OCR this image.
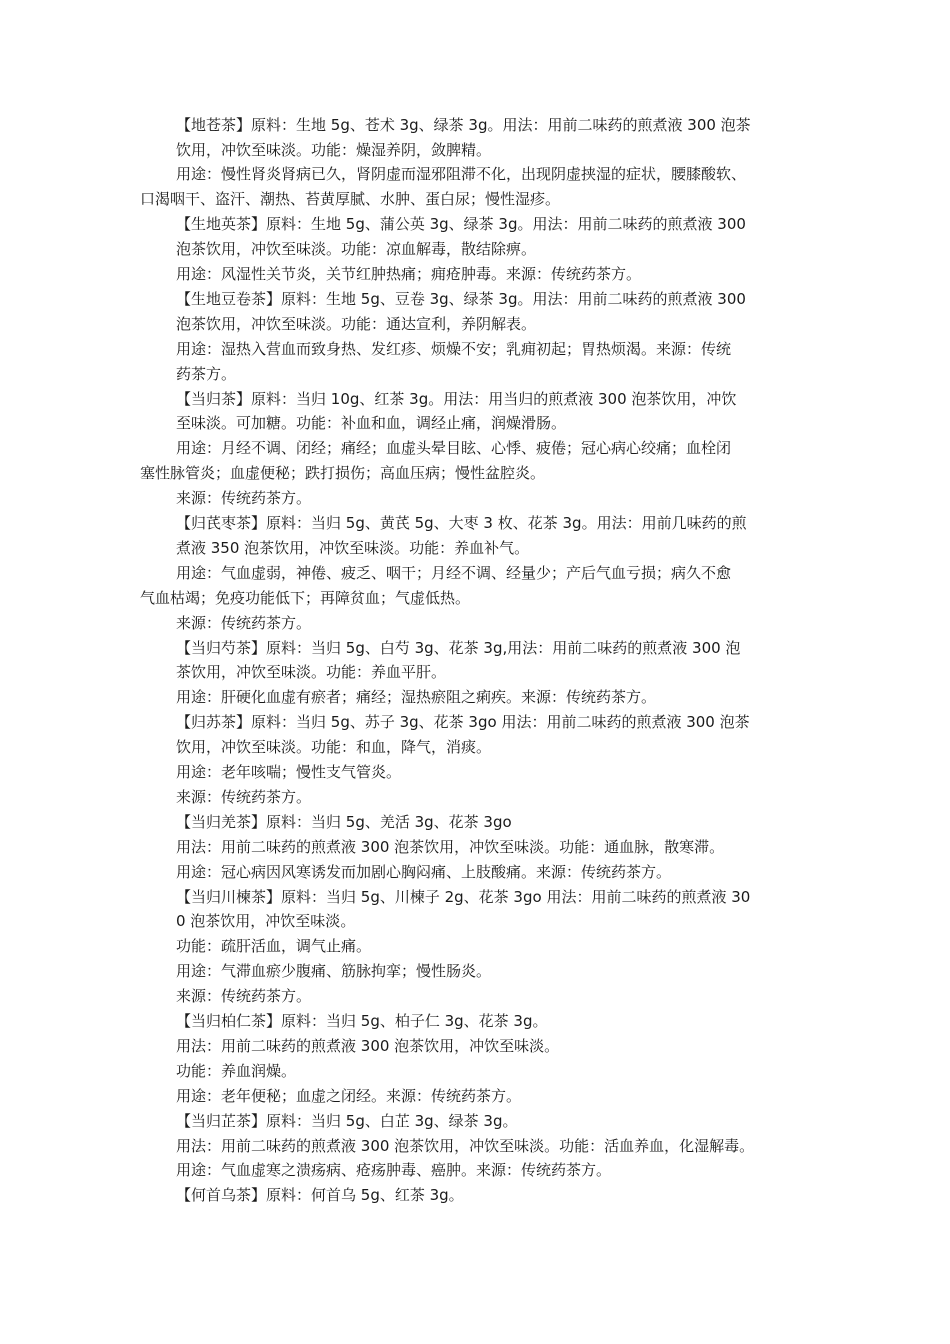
【地苍茶】原料：生地 5g、苍术 3g、绿茶 3g。用法：用前二味药的煎煮液 300 泡茶
饮用，冲饮至味淡。功能：燥湿养阴，敛脾精。
用途：慢性肾炎肾病已久，肾阴虚而湿邪阻滞不化，出现阴虚挟湿的症状，腰膝酸软、
口渴咽干、盗汗、潮热、苔黄厚腻、水肿、蛋白尿；慢性湿疹。
【生地英茶】原料：生地 5g、蒲公英 3g、绿茶 3g。用法：用前二味药的煎煮液 300
泡茶饮用，冲饮至味淡。功能：凉血解毒，散结除痹。
用途：风湿性关节炎，关节红肿热痛；痈疮肿毒。来源：传统药茶方。
【生地豆卷茶】原料：生地 5g、豆卷 3g、绿茶 3g。用法：用前二味药的煎煮液 300
泡茶饮用，冲饮至味淡。功能：通达宣利，养阴解表。
用途：湿热入营血而致身热、发红疹、烦燥不安；乳痈初起；胃热烦渴。来源：传统
药茶方。
【当归茶】原料：当归 10g、红茶 3g。用法：用当归的煎煮液 300 泡茶饮用，冲饮
至味淡。可加糖。功能：补血和血，调经止痛，润燥滑肠。
用途：月经不调、闭经；痛经；血虚头晕目眩、心悸、疲倦；冠心病心绞痛；血栓闭
塞性脉管炎；血虚便秘；跌打损伤；高血压病；慢性盆腔炎。
来源：传统药茶方。
【归芪枣茶】原料：当归 5g、黄芪 5g、大枣 3 枚、花茶 3g。用法：用前几味药的煎
煮液 350 泡茶饮用，冲饮至味淡。功能：养血补气。
用途：气血虚弱，神倦、疲乏、咽干；月经不调、经量少；产后气血亏损；病久不愈
气血枯竭；免疫功能低下；再障贫血；气虚低热。
来源：传统药茶方。
【当归芍茶】原料：当归 5g、白芍 3g、花茶 3g,用法：用前二味药的煎煮液 300 泡
茶饮用，冲饮至味淡。功能：养血平肝。
用途：肝硬化血虚有瘀者；痛经；湿热瘀阻之痢疾。来源：传统药茶方。
【归苏茶】原料：当归 5g、苏子 3g、花茶 3go 用法：用前二味药的煎煮液 300 泡茶
饮用，冲饮至味淡。功能：和血，降气，消痰。
用途：老年咳喘；慢性支气管炎。
来源：传统药茶方。
【当归羌茶】原料：当归 5g、羌活 3g、花茶 3go
用法：用前二味药的煎煮液 300 泡茶饮用，冲饮至味淡。功能：通血脉，散寒滞。
用途：冠心病因风寒诱发而加剧心胸闷痛、上肢酸痛。来源：传统药茶方。
【当归川楝茶】原料：当归 5g、川楝子 2g、花茶 3go 用法：用前二味药的煎煮液 30
0 泡茶饮用，冲饮至味淡。
功能：疏肝活血，调气止痛。
用途：气滞血瘀少腹痛、筋脉拘挛；慢性肠炎。
来源：传统药茶方。
【当归柏仁茶】原料：当归 5g、柏子仁 3g、花茶 3g。
用法：用前二味药的煎煮液 300 泡茶饮用，冲饮至味淡。
功能：养血润燥。
用途：老年便秘；血虚之闭经。来源：传统药茶方。
【当归芷茶】原料：当归 5g、白芷 3g、绿茶 3g。
用法：用前二味药的煎煮液 300 泡茶饮用，冲饮至味淡。功能：活血养血，化湿解毒。
用途：气血虚寒之溃疡病、疮疡肿毒、癌肿。来源：传统药茶方。
【何首乌茶】原料：何首乌 5g、红茶 3g。
